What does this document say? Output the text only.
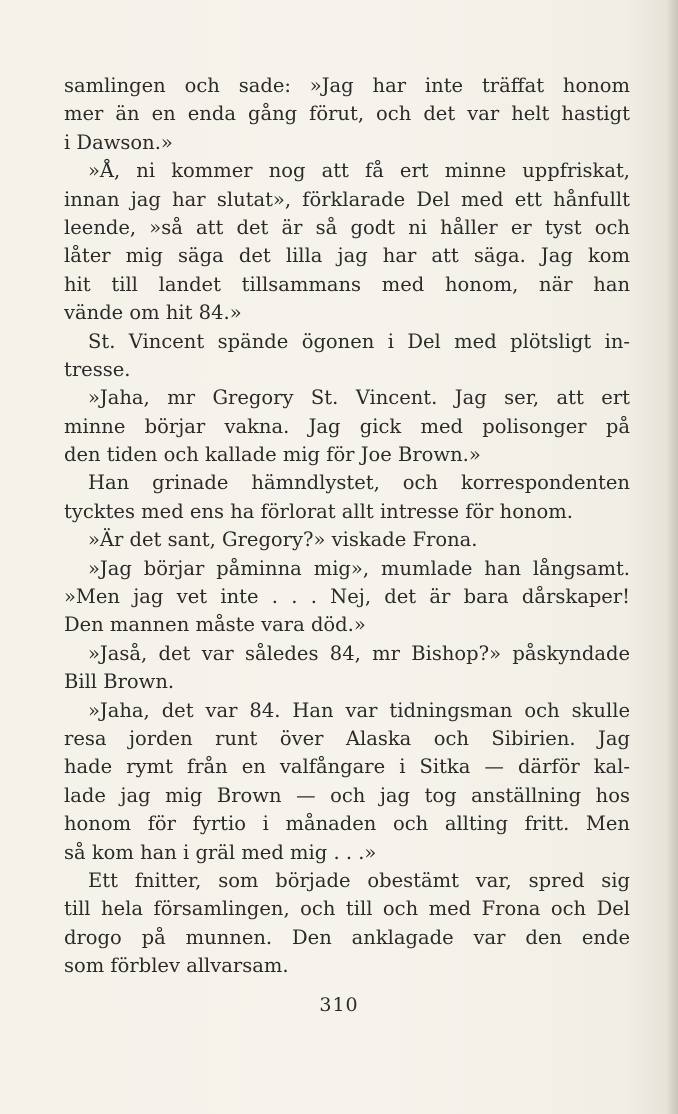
samlingen och sade: »Jag har inte träffat honom
mer än en enda gång förut, och det var helt hastigt
i Dawson.»
»Å, ni kommer nog att få ert minne uppfriskat,
innan jag har slutat», förklarade Del med ett hånfullt
leende, »så att det är så godt ni håller er tyst och
låter mig säga det lilla jag har att säga. Jag kom
hit till landet tillsammans med honom, när han
vände om hit 84.»
St. Vincent spände ögonen i Del med plötsligt in-
tresse.
»Jaha, mr Gregory St. Vincent. Jag ser, att ert
minne börjar vakna. Jag gick med polisonger på
den tiden och kallade mig för Joe Brown.»
Han grinade hämndlystet, och korrespondenten
tycktes med ens ha förlorat allt intresse för honom.
»Är det sant, Gregory?» viskade Frona.
»Jag börjar påminna mig», mumlade han långsamt.
»Men jag vet inte . . . Nej, det är bara dårskaper!
Den mannen måste vara död.»
»Jaså, det var således 84, mr Bishop?» påskyndade
Bill Brown.
»Jaha, det var 84. Han var tidningsman och skulle
resa jorden runt över Alaska och Sibirien. Jag
hade rymt från en valfångare i Sitka — därför kal-
lade jag mig Brown — och jag tog anställning hos
honom för fyrtio i månaden och allting fritt. Men
så kom han i gräl med mig . . .»
Ett fnitter, som började obestämt var, spred sig
till hela församlingen, och till och med Frona och Del
drogo på munnen. Den anklagade var den ende
som förblev allvarsam.
310
